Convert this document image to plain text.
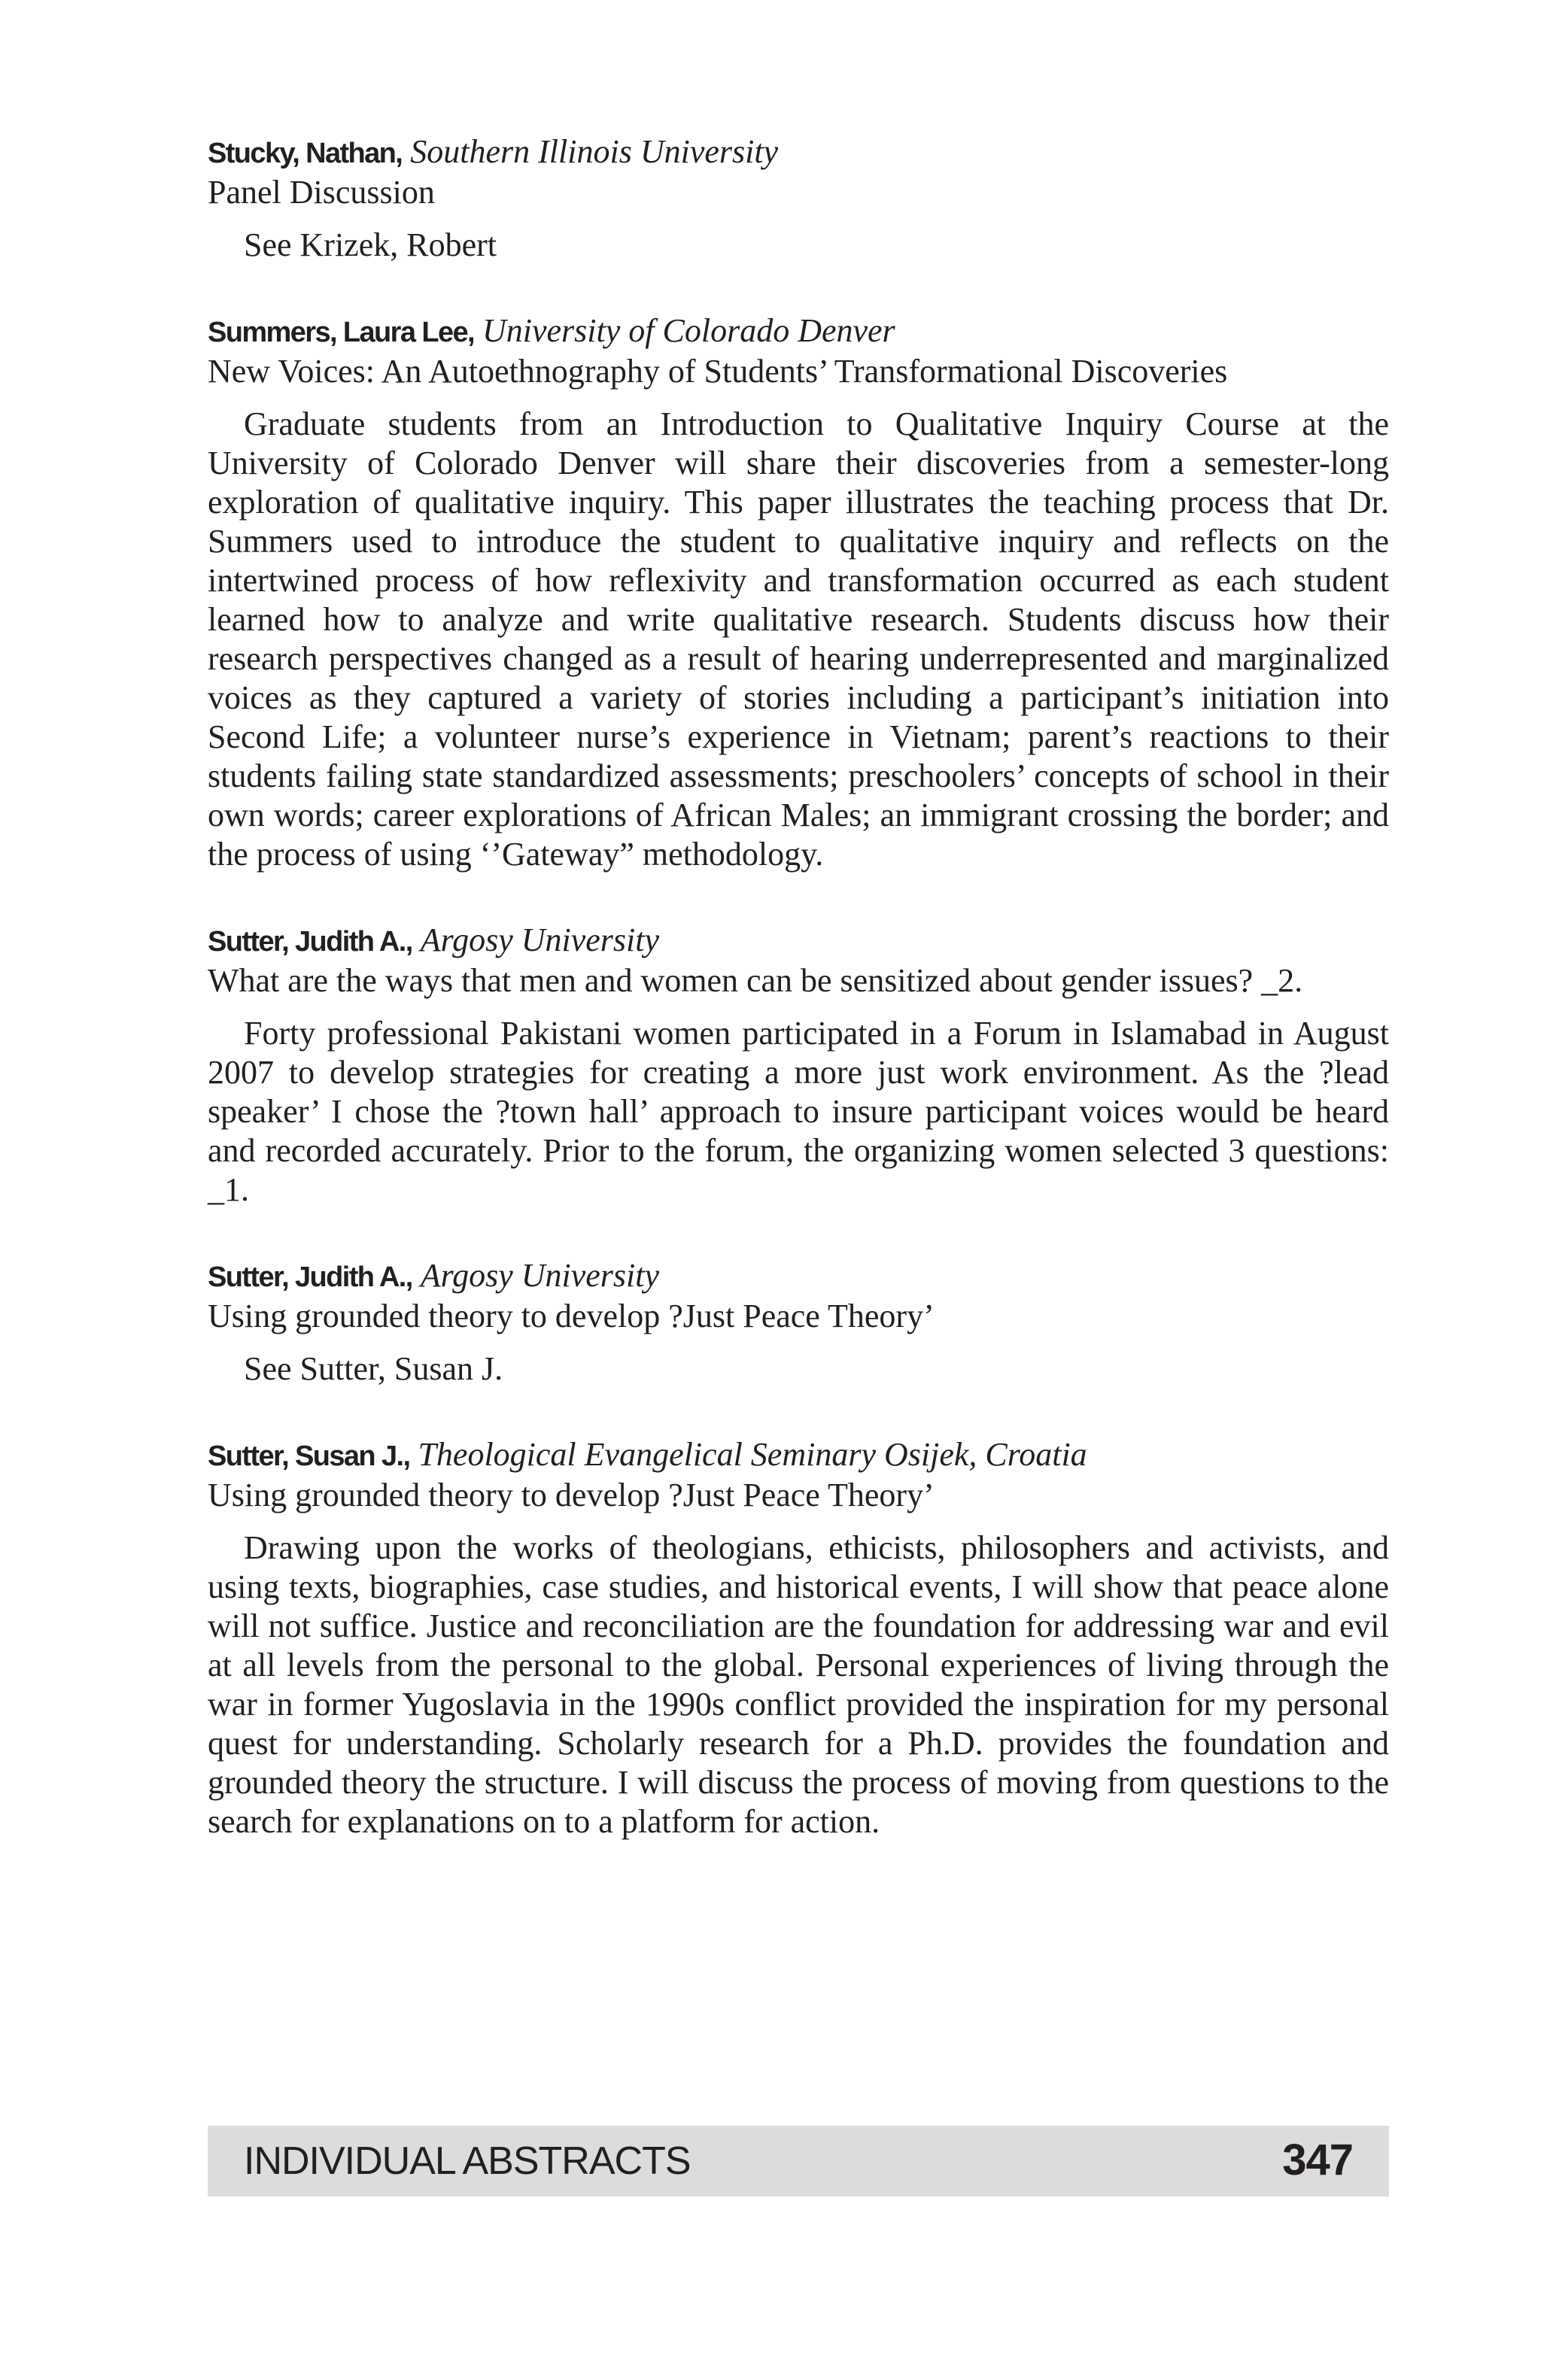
Stucky, Nathan, Southern Illinois University

Panel Discussion

See Krizek, Robert

Summers, Laura Lee, University of Colorado Denver

New Voices: An Autoethnography of Students’ Transformational Discoveries

Graduate students from an Introduction to Qualitative Inquiry Course at the University of Colorado Denver will share their discoveries from a semester-long exploration of qualitative inquiry. This paper illustrates the teaching process that Dr. Summers used to introduce the student to qualitative inquiry and reflects on the intertwined process of how reflexivity and transformation occurred as each student learned how to analyze and write qualitative research. Students discuss how their research perspectives changed as a result of hearing underrepresented and marginalized voices as they captured a variety of stories including a participant’s initiation into Second Life; a volunteer nurse’s experience in Vietnam; parent’s reactions to their students failing state standardized assessments; preschoolers’ concepts of school in their own words; career explorations of African Males; an immigrant crossing the border; and the process of using ‘’Gateway” methodology.

Sutter, Judith A., Argosy University

What are the ways that men and women can be sensitized about gender issues? _2.

Forty professional Pakistani women participated in a Forum in Islamabad in August 2007 to develop strategies for creating a more just work environment. As the ?lead speaker’ I chose the ?town hall’ approach to insure participant voices would be heard and recorded accurately. Prior to the forum, the organizing women selected 3 questions: _1.

Sutter, Judith A., Argosy University

Using grounded theory to develop ?Just Peace Theory’

See Sutter, Susan J.

Sutter, Susan J., Theological Evangelical Seminary Osijek, Croatia

Using grounded theory to develop ?Just Peace Theory’

Drawing upon the works of theologians, ethicists, philosophers and activists, and using texts, biographies, case studies, and historical events, I will show that peace alone will not suffice. Justice and reconciliation are the foundation for addressing war and evil at all levels from the personal to the global. Personal experiences of living through the war in former Yugoslavia in the 1990s conflict provided the inspiration for my personal quest for understanding. Scholarly research for a Ph.D. provides the foundation and grounded theory the structure. I will discuss the process of moving from questions to the search for explanations on to a platform for action.

INDIVIDUAL ABSTRACTS	347
